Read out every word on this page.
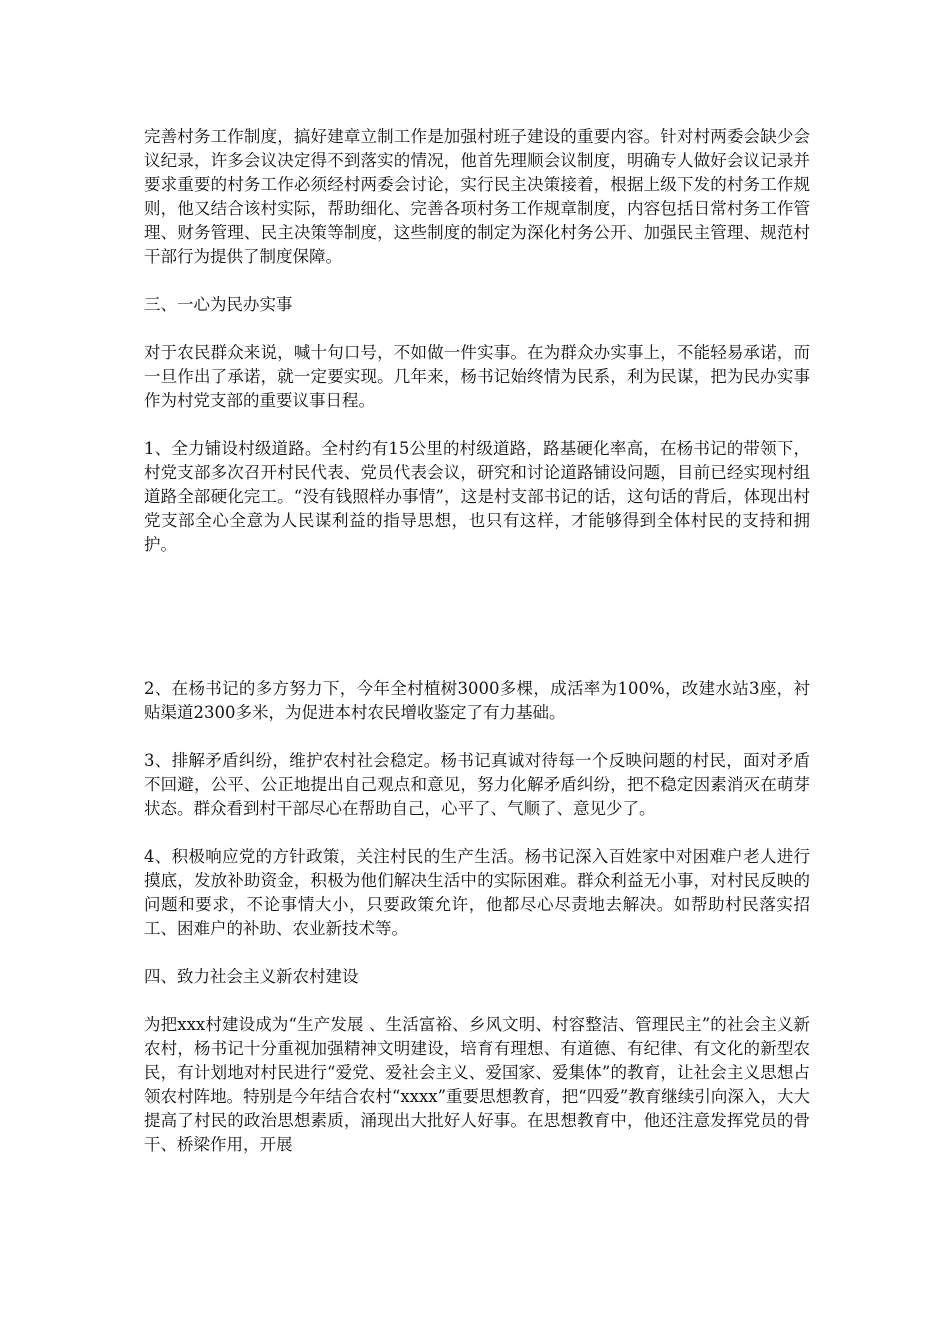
完善村务工作制度，搞好建章立制工作是加强村班子建设的重要内容。针对村两委会缺少会议纪录，许多会议决定得不到落实的情况，他首先理顺会议制度，明确专人做好会议记录并要求重要的村务工作必须经村两委会讨论，实行民主决策接着，根据上级下发的村务工作规则，他又结合该村实际，帮助细化、完善各项村务工作规章制度，内容包括日常村务工作管理、财务管理、民主决策等制度，这些制度的制定为深化村务公开、加强民主管理、规范村干部行为提供了制度保障。

三、一心为民办实事

对于农民群众来说，喊十句口号，不如做一件实事。在为群众办实事上，不能轻易承诺，而一旦作出了承诺，就一定要实现。几年来，杨书记始终情为民系，利为民谋，把为民办实事作为村党支部的重要议事日程。

1、全力铺设村级道路。全村约有15公里的村级道路，路基硬化率高，在杨书记的带领下，村党支部多次召开村民代表、党员代表会议，研究和讨论道路铺设问题，目前已经实现村组道路全部硬化完工。“没有钱照样办事情”，这是村支部书记的话，这句话的背后，体现出村党支部全心全意为人民谋利益的指导思想，也只有这样，才能够得到全体村民的支持和拥护。

2、在杨书记的多方努力下，今年全村植树3000多棵，成活率为100%，改建水站3座，衬贴渠道2300多米，为促进本村农民增收鉴定了有力基础。

3、排解矛盾纠纷，维护农村社会稳定。杨书记真诚对待每一个反映问题的村民，面对矛盾不回避，公平、公正地提出自己观点和意见，努力化解矛盾纠纷，把不稳定因素消灭在萌芽状态。群众看到村干部尽心在帮助自己，心平了、气顺了、意见少了。

4、积极响应党的方针政策，关注村民的生产生活。杨书记深入百姓家中对困难户老人进行摸底，发放补助资金，积极为他们解决生活中的实际困难。群众利益无小事，对村民反映的问题和要求，不论事情大小，只要政策允许，他都尽心尽责地去解决。如帮助村民落实招工、困难户的补助、农业新技术等。

四、致力社会主义新农村建设

为把xxx村建设成为“生产发展 、生活富裕、乡风文明、村容整洁、管理民主”的社会主义新农村，杨书记十分重视加强精神文明建设，培育有理想、有道德、有纪律、有文化的新型农民，有计划地对村民进行“爱党、爱社会主义、爱国家、爱集体”的教育，让社会主义思想占领农村阵地。特别是今年结合农村“xxxx”重要思想教育，把“四爱”教育继续引向深入，大大提高了村民的政治思想素质，涌现出大批好人好事。在思想教育中，他还注意发挥党员的骨干、桥梁作用，开展
